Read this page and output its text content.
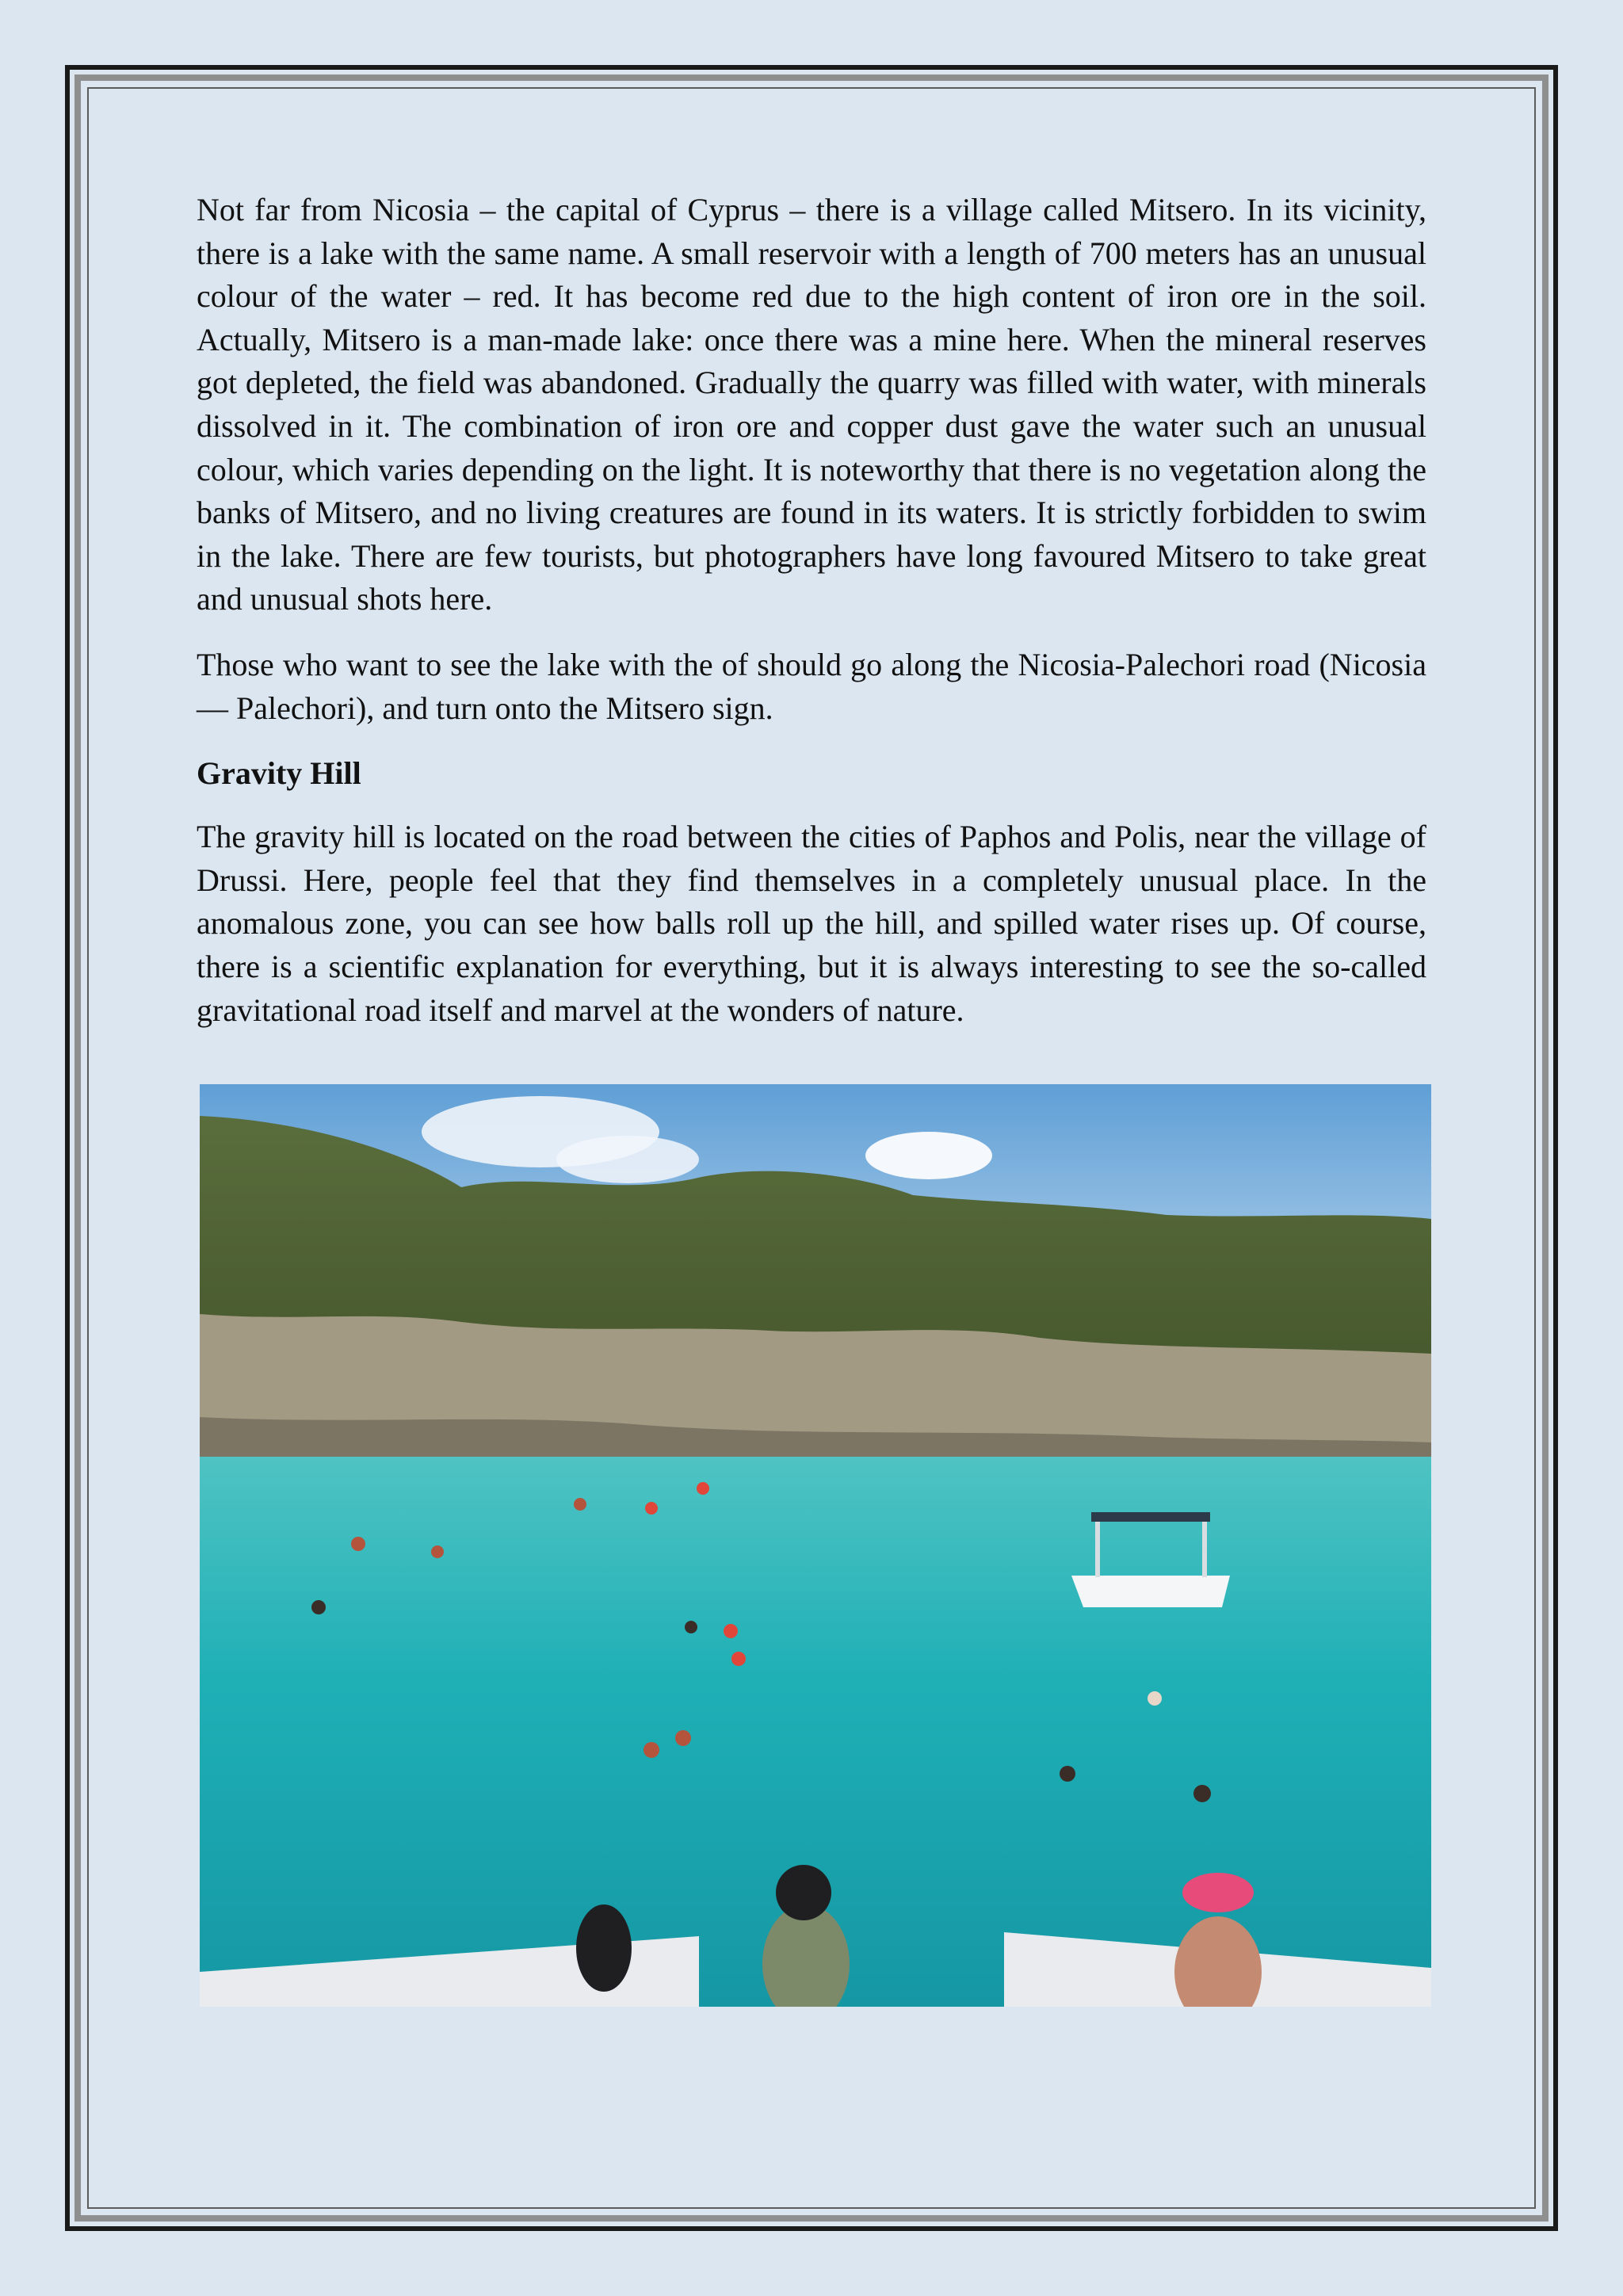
Not far from Nicosia – the capital of Cyprus – there is a village called Mitsero. In its vicinity, there is a lake with the same name. A small reservoir with a length of 700 meters has an unusual colour of the water – red. It has become red due to the high content of iron ore in the soil. Actually, Mitsero is a man-made lake: once there was a mine here. When the mineral reserves got depleted, the field was abandoned. Gradually the quarry was filled with water, with minerals dissolved in it. The combination of iron ore and copper dust gave the water such an unusual colour, which varies depending on the light. It is noteworthy that there is no vegetation along the banks of Mitsero, and no living creatures are found in its waters. It is strictly forbidden to swim in the lake. There are few tourists, but photographers have long favoured Mitsero to take great and unusual shots here.

Those who want to see the lake with the of should go along the Nicosia-Palechori road (Nicosia — Palechori), and turn onto the Mitsero sign.

Gravity Hill

The gravity hill is located on the road between the cities of Paphos and Polis, near the village of Drussi. Here, people feel that they find themselves in a completely unusual place. In the anomalous zone, you can see how balls roll up the hill, and spilled water rises up. Of course, there is a scientific explanation for everything, but it is always interesting to see the so-called gravitational road itself and marvel at the wonders of nature.
